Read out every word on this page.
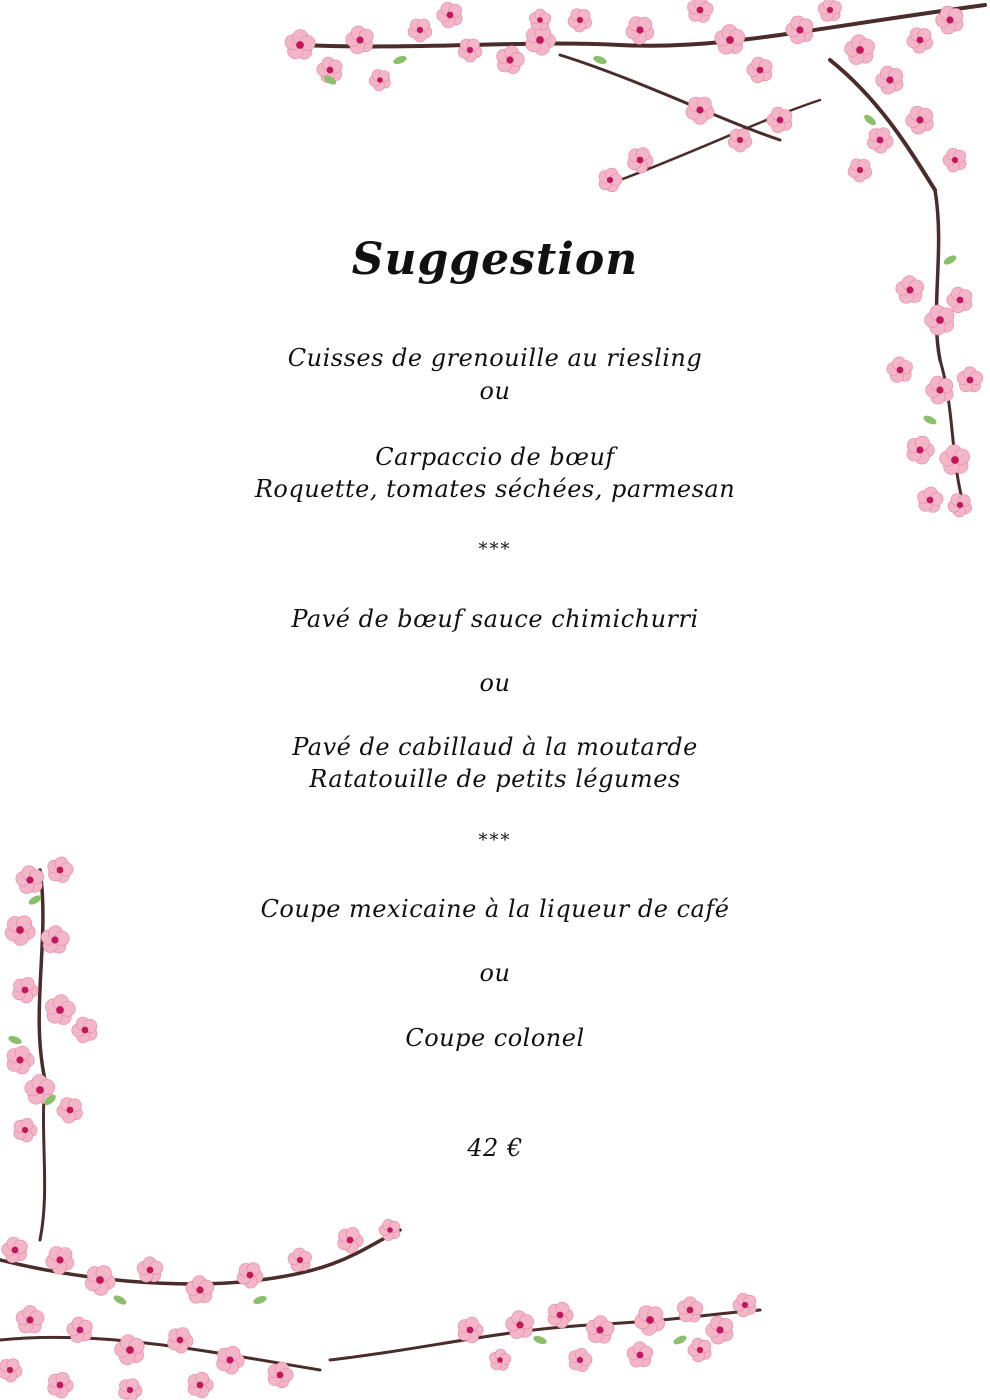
Suggestion
Cuisses de grenouille au riesling
ou
Carpaccio de bœuf
Roquette, tomates séchées, parmesan
***
Pavé de bœuf sauce chimichurri
ou
Pavé de cabillaud à la moutarde
Ratatouille de petits légumes
***
Coupe mexicaine à la liqueur de café
ou
Coupe colonel
42 €
